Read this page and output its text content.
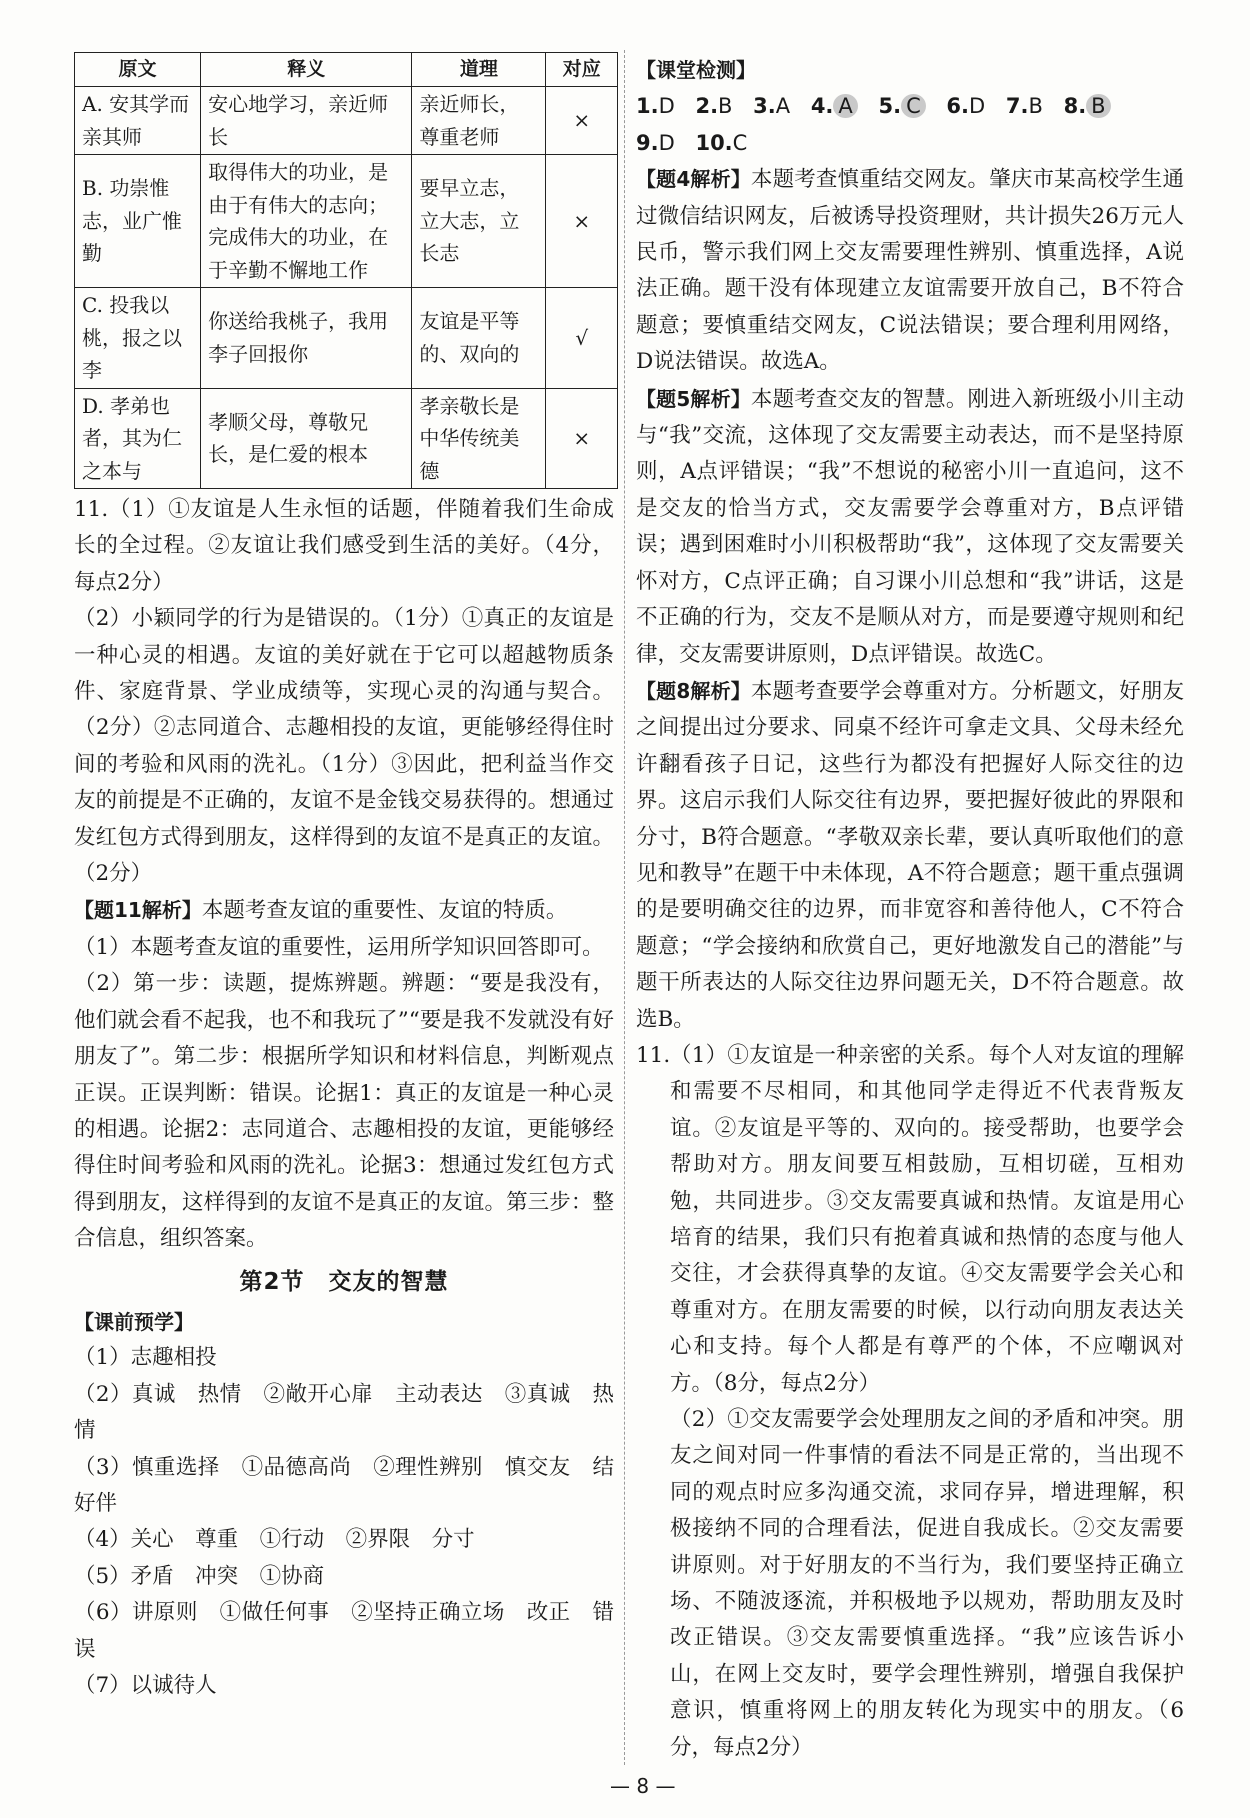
原文	释义	道理	对应
A. 安其学而亲其师	安心地学习，亲近师长	亲近师长，尊重老师	×
B. 功崇惟志，业广惟勤	取得伟大的功业，是由于有伟大的志向；完成伟大的功业，在于辛勤不懈地工作	要早立志，立大志，立长志	×
C. 投我以桃，报之以李	你送给我桃子，我用李子回报你	友谊是平等的、双向的	√
D. 孝弟也者，其为仁之本与	孝顺父母，尊敬兄长，是仁爱的根本	孝亲敬长是中华传统美德	×

11.（1）①友谊是人生永恒的话题，伴随着我们生命成长的全过程。②友谊让我们感受到生活的美好。（4分，每点2分）

（2）小颖同学的行为是错误的。（1分）①真正的友谊是一种心灵的相遇。友谊的美好就在于它可以超越物质条件、家庭背景、学业成绩等，实现心灵的沟通与契合。（2分）②志同道合、志趣相投的友谊，更能够经得住时间的考验和风雨的洗礼。（1分）③因此，把利益当作交友的前提是不正确的，友谊不是金钱交易获得的。想通过发红包方式得到朋友，这样得到的友谊不是真正的友谊。（2分）

【题11解析】本题考查友谊的重要性、友谊的特质。

（1）本题考查友谊的重要性，运用所学知识回答即可。

（2）第一步：读题，提炼辨题。辨题：“要是我没有，他们就会看不起我，也不和我玩了”“要是我不发就没有好朋友了”。第二步：根据所学知识和材料信息，判断观点正误。正误判断：错误。论据1：真正的友谊是一种心灵的相遇。论据2：志同道合、志趣相投的友谊，更能够经得住时间考验和风雨的洗礼。论据3：想通过发红包方式得到朋友，这样得到的友谊不是真正的友谊。第三步：整合信息，组织答案。

第2节　交友的智慧
【课前预学】

（1）志趣相投

（2）真诚　热情　②敞开心扉　主动表达　③真诚　热情

（3）慎重选择　①品德高尚　②理性辨别　慎交友　结好伴

（4）关心　尊重　①行动　②界限　分寸

（5）矛盾　冲突　①协商

（6）讲原则　①做任何事　②坚持正确立场　改正　错误

（7）以诚待人

【课堂检测】

1.D 2.B 3.A 4. A 5. C 6.D 7.B 8. B
9.D 10.C

【题4解析】本题考查慎重结交网友。肇庆市某高校学生通过微信结识网友，后被诱导投资理财，共计损失26万元人民币，警示我们网上交友需要理性辨别、慎重选择，A说法正确。题干没有体现建立友谊需要开放自己，B不符合题意；要慎重结交网友，C说法错误；要合理利用网络，D说法错误。故选A。

【题5解析】本题考查交友的智慧。刚进入新班级小川主动与“我”交流，这体现了交友需要主动表达，而不是坚持原则，A点评错误；“我”不想说的秘密小川一直追问，这不是交友的恰当方式，交友需要学会尊重对方，B点评错误；遇到困难时小川积极帮助“我”，这体现了交友需要关怀对方，C点评正确；自习课小川总想和“我”讲话，这是不正确的行为，交友不是顺从对方，而是要遵守规则和纪律，交友需要讲原则，D点评错误。故选C。

【题8解析】本题考查要学会尊重对方。分析题文，好朋友之间提出过分要求、同桌不经许可拿走文具、父母未经允许翻看孩子日记，这些行为都没有把握好人际交往的边界。这启示我们人际交往有边界，要把握好彼此的界限和分寸，B符合题意。“孝敬双亲长辈，要认真听取他们的意见和教导”在题干中未体现，A不符合题意；题干重点强调的是要明确交往的边界，而非宽容和善待他人，C不符合题意；“学会接纳和欣赏自己，更好地激发自己的潜能”与题干所表达的人际交往边界问题无关，D不符合题意。故选B。

11. （1）①友谊是一种亲密的关系。每个人对友谊的理解和需要不尽相同，和其他同学走得近不代表背叛友谊。②友谊是平等的、双向的。接受帮助，也要学会帮助对方。朋友间要互相鼓励，互相切磋，互相劝勉，共同进步。③交友需要真诚和热情。友谊是用心培育的结果，我们只有抱着真诚和热情的态度与他人交往，才会获得真挚的友谊。④交友需要学会关心和尊重对方。在朋友需要的时候，以行动向朋友表达关心和支持。每个人都是有尊严的个体，不应嘲讽对方。（8分，每点2分）

（2）①交友需要学会处理朋友之间的矛盾和冲突。朋友之间对同一件事情的看法不同是正常的，当出现不同的观点时应多沟通交流，求同存异，增进理解，积极接纳不同的合理看法，促进自我成长。②交友需要讲原则。对于好朋友的不当行为，我们要坚持正确立场、不随波逐流，并积极地予以规劝，帮助朋友及时改正错误。③交友需要慎重选择。“我”应该告诉小山，在网上交友时，要学会理性辨别，增强自我保护意识，慎重将网上的朋友转化为现实中的朋友。（6分，每点2分）

— 8 —
